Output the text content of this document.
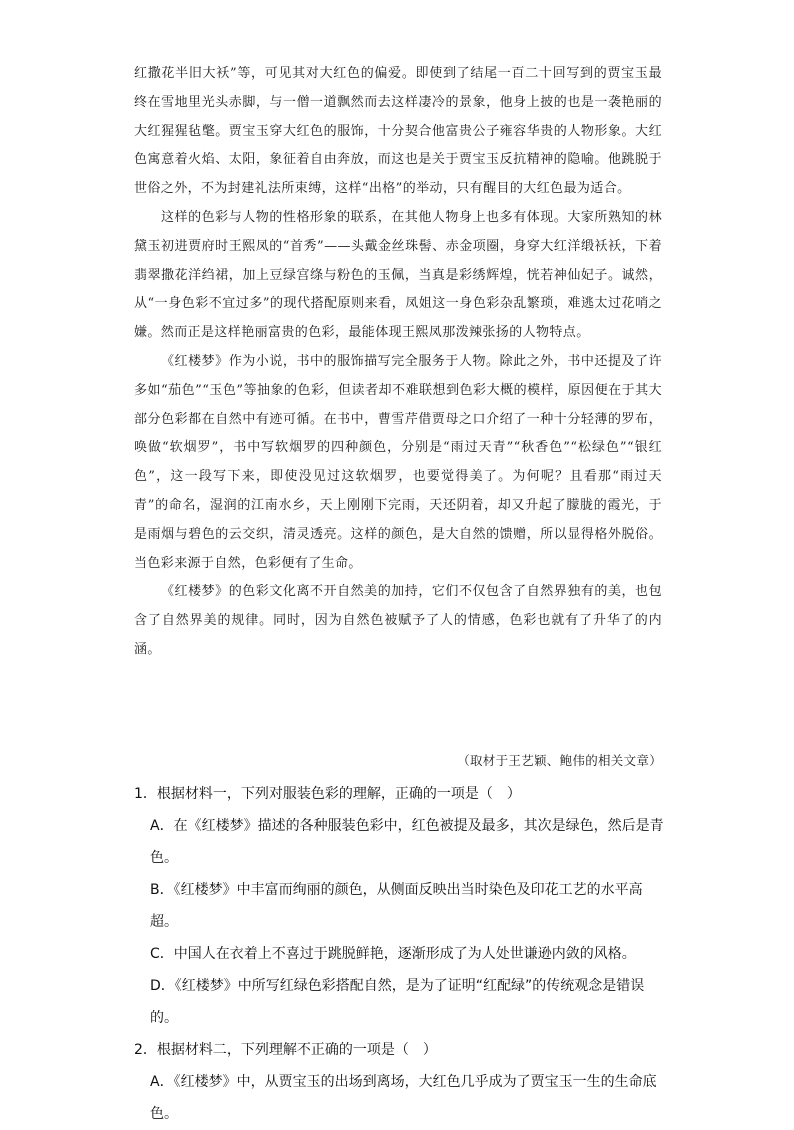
红撒花半旧大袄”等，可见其对大红色的偏爱。即使到了结尾一百二十回写到的贾宝玉最终在雪地里光头赤脚，与一僧一道飘然而去这样凄冷的景象，他身上披的也是一袭艳丽的大红猩猩毡氅。贾宝玉穿大红色的服饰，十分契合他富贵公子雍容华贵的人物形象。大红色寓意着火焰、太阳，象征着自由奔放，而这也是关于贾宝玉反抗精神的隐喻。他跳脱于世俗之外，不为封建礼法所束缚，这样“出格”的举动，只有醒目的大红色最为适合。

这样的色彩与人物的性格形象的联系，在其他人物身上也多有体现。大家所熟知的林黛玉初进贾府时王熙凤的“首秀”——头戴金丝珠髻、赤金项圈，身穿大红洋缎袄袄，下着翡翠撒花洋绉裙，加上豆绿宫绦与粉色的玉佩，当真是彩绣辉煌，恍若神仙妃子。诚然，从“一身色彩不宜过多”的现代搭配原则来看，凤姐这一身色彩杂乱繁琐，难逃太过花哨之嫌。然而正是这样艳丽富贵的色彩，最能体现王熙凤那泼辣张扬的人物特点。

《红楼梦》作为小说，书中的服饰描写完全服务于人物。除此之外，书中还提及了许多如“茄色”“玉色”等抽象的色彩，但读者却不难联想到色彩大概的模样，原因便在于其大部分色彩都在自然中有迹可循。在书中，曹雪芹借贾母之口介绍了一种十分轻薄的罗布，唤做“软烟罗”，书中写软烟罗的四种颜色，分别是“雨过天青”“秋香色”“松绿色”“银红色”，这一段写下来，即使没见过这软烟罗，也要觉得美了。为何呢？且看那“雨过天青”的命名，湿润的江南水乡，天上刚刚下完雨，天还阴着，却又升起了朦胧的霞光，于是雨烟与碧色的云交织，清灵透亮。这样的颜色，是大自然的馈赠，所以显得格外脱俗。当色彩来源于自然，色彩便有了生命。

《红楼梦》的色彩文化离不开自然美的加持，它们不仅包含了自然界独有的美，也包含了自然界美的规律。同时，因为自然色被赋予了人的情感，色彩也就有了升华了的内涵。

（取材于王艺颖、鲍伟的相关文章）

1．根据材料一，下列对服装色彩的理解，正确的一项是（　）

A．在《红楼梦》描述的各种服装色彩中，红色被提及最多，其次是绿色，然后是青

色。

B．《红楼梦》中丰富而绚丽的颜色，从侧面反映出当时染色及印花工艺的水平高超。

C．中国人在衣着上不喜过于跳脱鲜艳，逐渐形成了为人处世谦逊内敛的风格。

D．《红楼梦》中所写红绿色彩搭配自然，是为了证明“红配绿”的传统观念是错误的。

2．根据材料二，下列理解不正确的一项是（　）

A．《红楼梦》中，从贾宝玉的出场到离场，大红色几乎成为了贾宝玉一生的生命底

色。
